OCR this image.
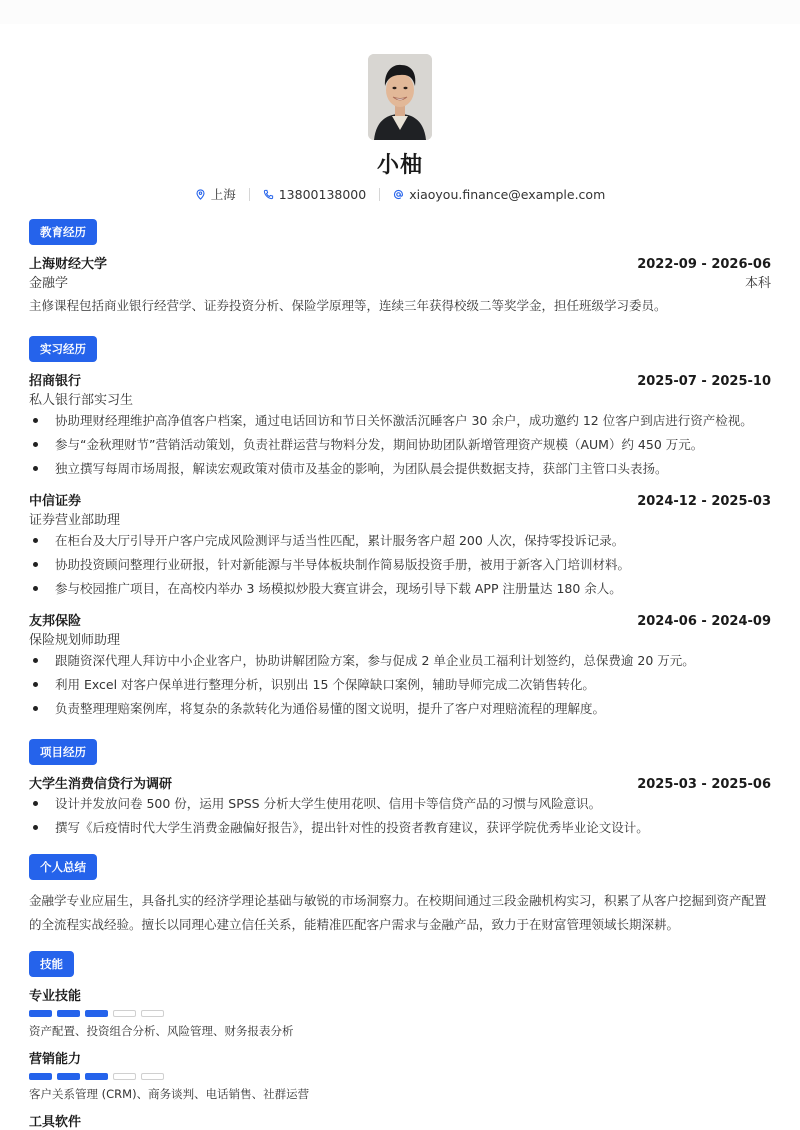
小柚
上海	13800138000	xiaoyou.finance@example.com
教育经历
上海财经大学	2022-09 - 2026-06
金融学	本科
主修课程包括商业银行经营学、证券投资分析、保险学原理等，连续三年获得校级二等奖学金，担任班级学习委员。
实习经历
招商银行	2025-07 - 2025-10
私人银行部实习生
协助理财经理维护高净值客户档案，通过电话回访和节日关怀激活沉睡客户 30 余户，成功邀约 12 位客户到店进行资产检视。
参与“金秋理财节”营销活动策划，负责社群运营与物料分发，期间协助团队新增管理资产规模（AUM）约 450 万元。
独立撰写每周市场周报，解读宏观政策对债市及基金的影响，为团队晨会提供数据支持，获部门主管口头表扬。
中信证券	2024-12 - 2025-03
证券营业部助理
在柜台及大厅引导开户客户完成风险测评与适当性匹配，累计服务客户超 200 人次，保持零投诉记录。
协助投资顾问整理行业研报，针对新能源与半导体板块制作简易版投资手册，被用于新客入门培训材料。
参与校园推广项目，在高校内举办 3 场模拟炒股大赛宣讲会，现场引导下载 APP 注册量达 180 余人。
友邦保险	2024-06 - 2024-09
保险规划师助理
跟随资深代理人拜访中小企业客户，协助讲解团险方案，参与促成 2 单企业员工福利计划签约，总保费逾 20 万元。
利用 Excel 对客户保单进行整理分析，识别出 15 个保障缺口案例，辅助导师完成二次销售转化。
负责整理理赔案例库，将复杂的条款转化为通俗易懂的图文说明，提升了客户对理赔流程的理解度。
项目经历
大学生消费信贷行为调研	2025-03 - 2025-06
设计并发放问卷 500 份，运用 SPSS 分析大学生使用花呗、信用卡等信贷产品的习惯与风险意识。
撰写《后疫情时代大学生消费金融偏好报告》，提出针对性的投资者教育建议，获评学院优秀毕业论文设计。
个人总结
金融学专业应届生，具备扎实的经济学理论基础与敏锐的市场洞察力。在校期间通过三段金融机构实习，积累了从客户挖掘到资产配置的全流程实战经验。擅长以同理心建立信任关系，能精准匹配客户需求与金融产品，致力于在财富管理领域长期深耕。
技能
专业技能
资产配置、投资组合分析、风险管理、财务报表分析
营销能力
客户关系管理 (CRM)、商务谈判、电话销售、社群运营
工具软件
